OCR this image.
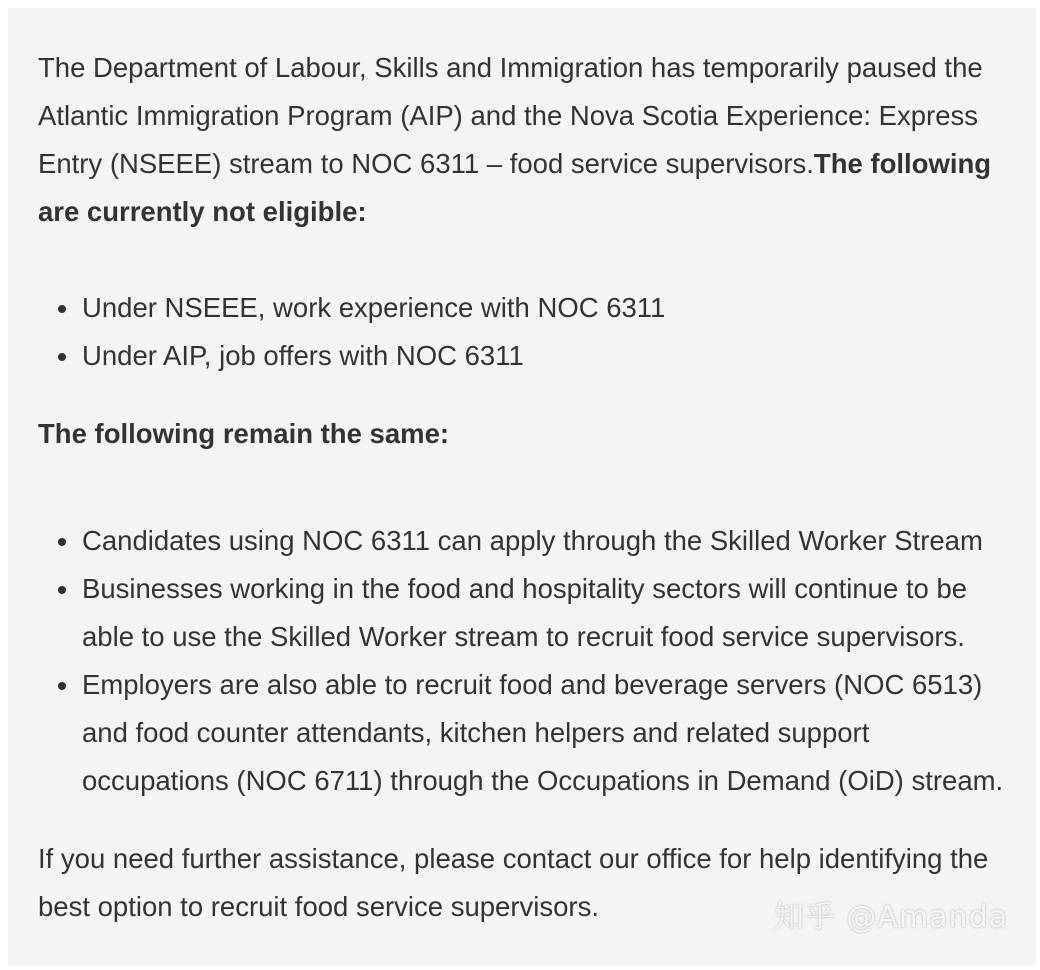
The Department of Labour, Skills and Immigration has temporarily paused the Atlantic Immigration Program (AIP) and the Nova Scotia Experience: Express Entry (NSEEE) stream to NOC 6311 – food service supervisors.The following are currently not eligible:

Under NSEEE, work experience with NOC 6311
Under AIP, job offers with NOC 6311

The following remain the same:

Candidates using NOC 6311 can apply through the Skilled Worker Stream
Businesses working in the food and hospitality sectors will continue to be able to use the Skilled Worker stream to recruit food service supervisors.
Employers are also able to recruit food and beverage servers (NOC 6513) and food counter attendants, kitchen helpers and related support occupations (NOC 6711) through the Occupations in Demand (OiD) stream.

If you need further assistance, please contact our office for help identifying the best option to recruit food service supervisors.	知乎 @Amanda
